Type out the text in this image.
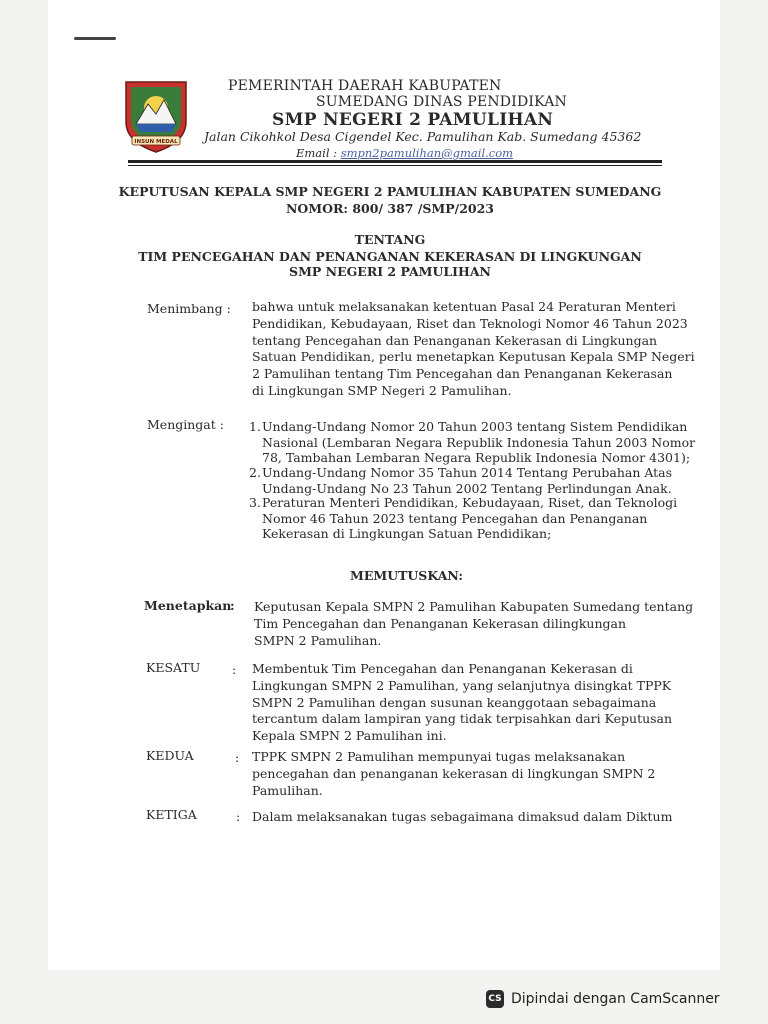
INSUN MEDAL
PEMERINTAH DAERAH KABUPATEN
SUMEDANG DINAS PENDIDIKAN
SMP NEGERI 2 PAMULIHAN
Jalan Cikohkol Desa Cigendel Kec. Pamulihan Kab. Sumedang 45362
Email : smpn2pamulihan@gmail.com
KEPUTUSAN KEPALA SMP NEGERI 2 PAMULIHAN KABUPATEN SUMEDANG
NOMOR: 800/ 387 /SMP/2023
TENTANG
TIM PENCEGAHAN DAN PENANGANAN KEKERASAN DI LINGKUNGAN
SMP NEGERI 2 PAMULIHAN
Menimbang : bahwa untuk melaksanakan ketentuan Pasal 24 Peraturan Menteri
Pendidikan, Kebudayaan, Riset dan Teknologi Nomor 46 Tahun 2023
tentang Pencegahan dan Penanganan Kekerasan di Lingkungan
Satuan Pendidikan, perlu menetapkan Keputusan Kepala SMP Negeri
2 Pamulihan tentang Tim Pencegahan dan Penanganan Kekerasan
di Lingkungan SMP Negeri 2 Pamulihan.
Mengingat : 1. Undang-Undang Nomor 20 Tahun 2003 tentang Sistem Pendidikan
Nasional (Lembaran Negara Republik Indonesia Tahun 2003 Nomor
78, Tambahan Lembaran Negara Republik Indonesia Nomor 4301);
2. Undang-Undang Nomor 35 Tahun 2014 Tentang Perubahan Atas
Undang-Undang No 23 Tahun 2002 Tentang Perlindungan Anak.
3. Peraturan Menteri Pendidikan, Kebudayaan, Riset, dan Teknologi
Nomor 46 Tahun 2023 tentang Pencegahan dan Penanganan
Kekerasan di Lingkungan Satuan Pendidikan;
MEMUTUSKAN:
Menetapkan
: Keputusan Kepala SMPN 2 Pamulihan Kabupaten Sumedang tentang
Tim Pencegahan dan Penanganan Kekerasan dilingkungan
SMPN 2 Pamulihan.
KESATU	: Membentuk Tim Pencegahan dan Penanganan Kekerasan di
Lingkungan SMPN 2 Pamulihan, yang selanjutnya disingkat TPPK
SMPN 2 Pamulihan dengan susunan keanggotaan sebagaimana
tercantum dalam lampiran yang tidak terpisahkan dari Keputusan
Kepala SMPN 2 Pamulihan ini.
KEDUA	: TPPK SMPN 2 Pamulihan mempunyai tugas melaksanakan
pencegahan dan penanganan kekerasan di lingkungan SMPN 2
Pamulihan.
KETIGA	: Dalam melaksanakan tugas sebagaimana dimaksud dalam Diktum
CS Dipindai dengan CamScanner
